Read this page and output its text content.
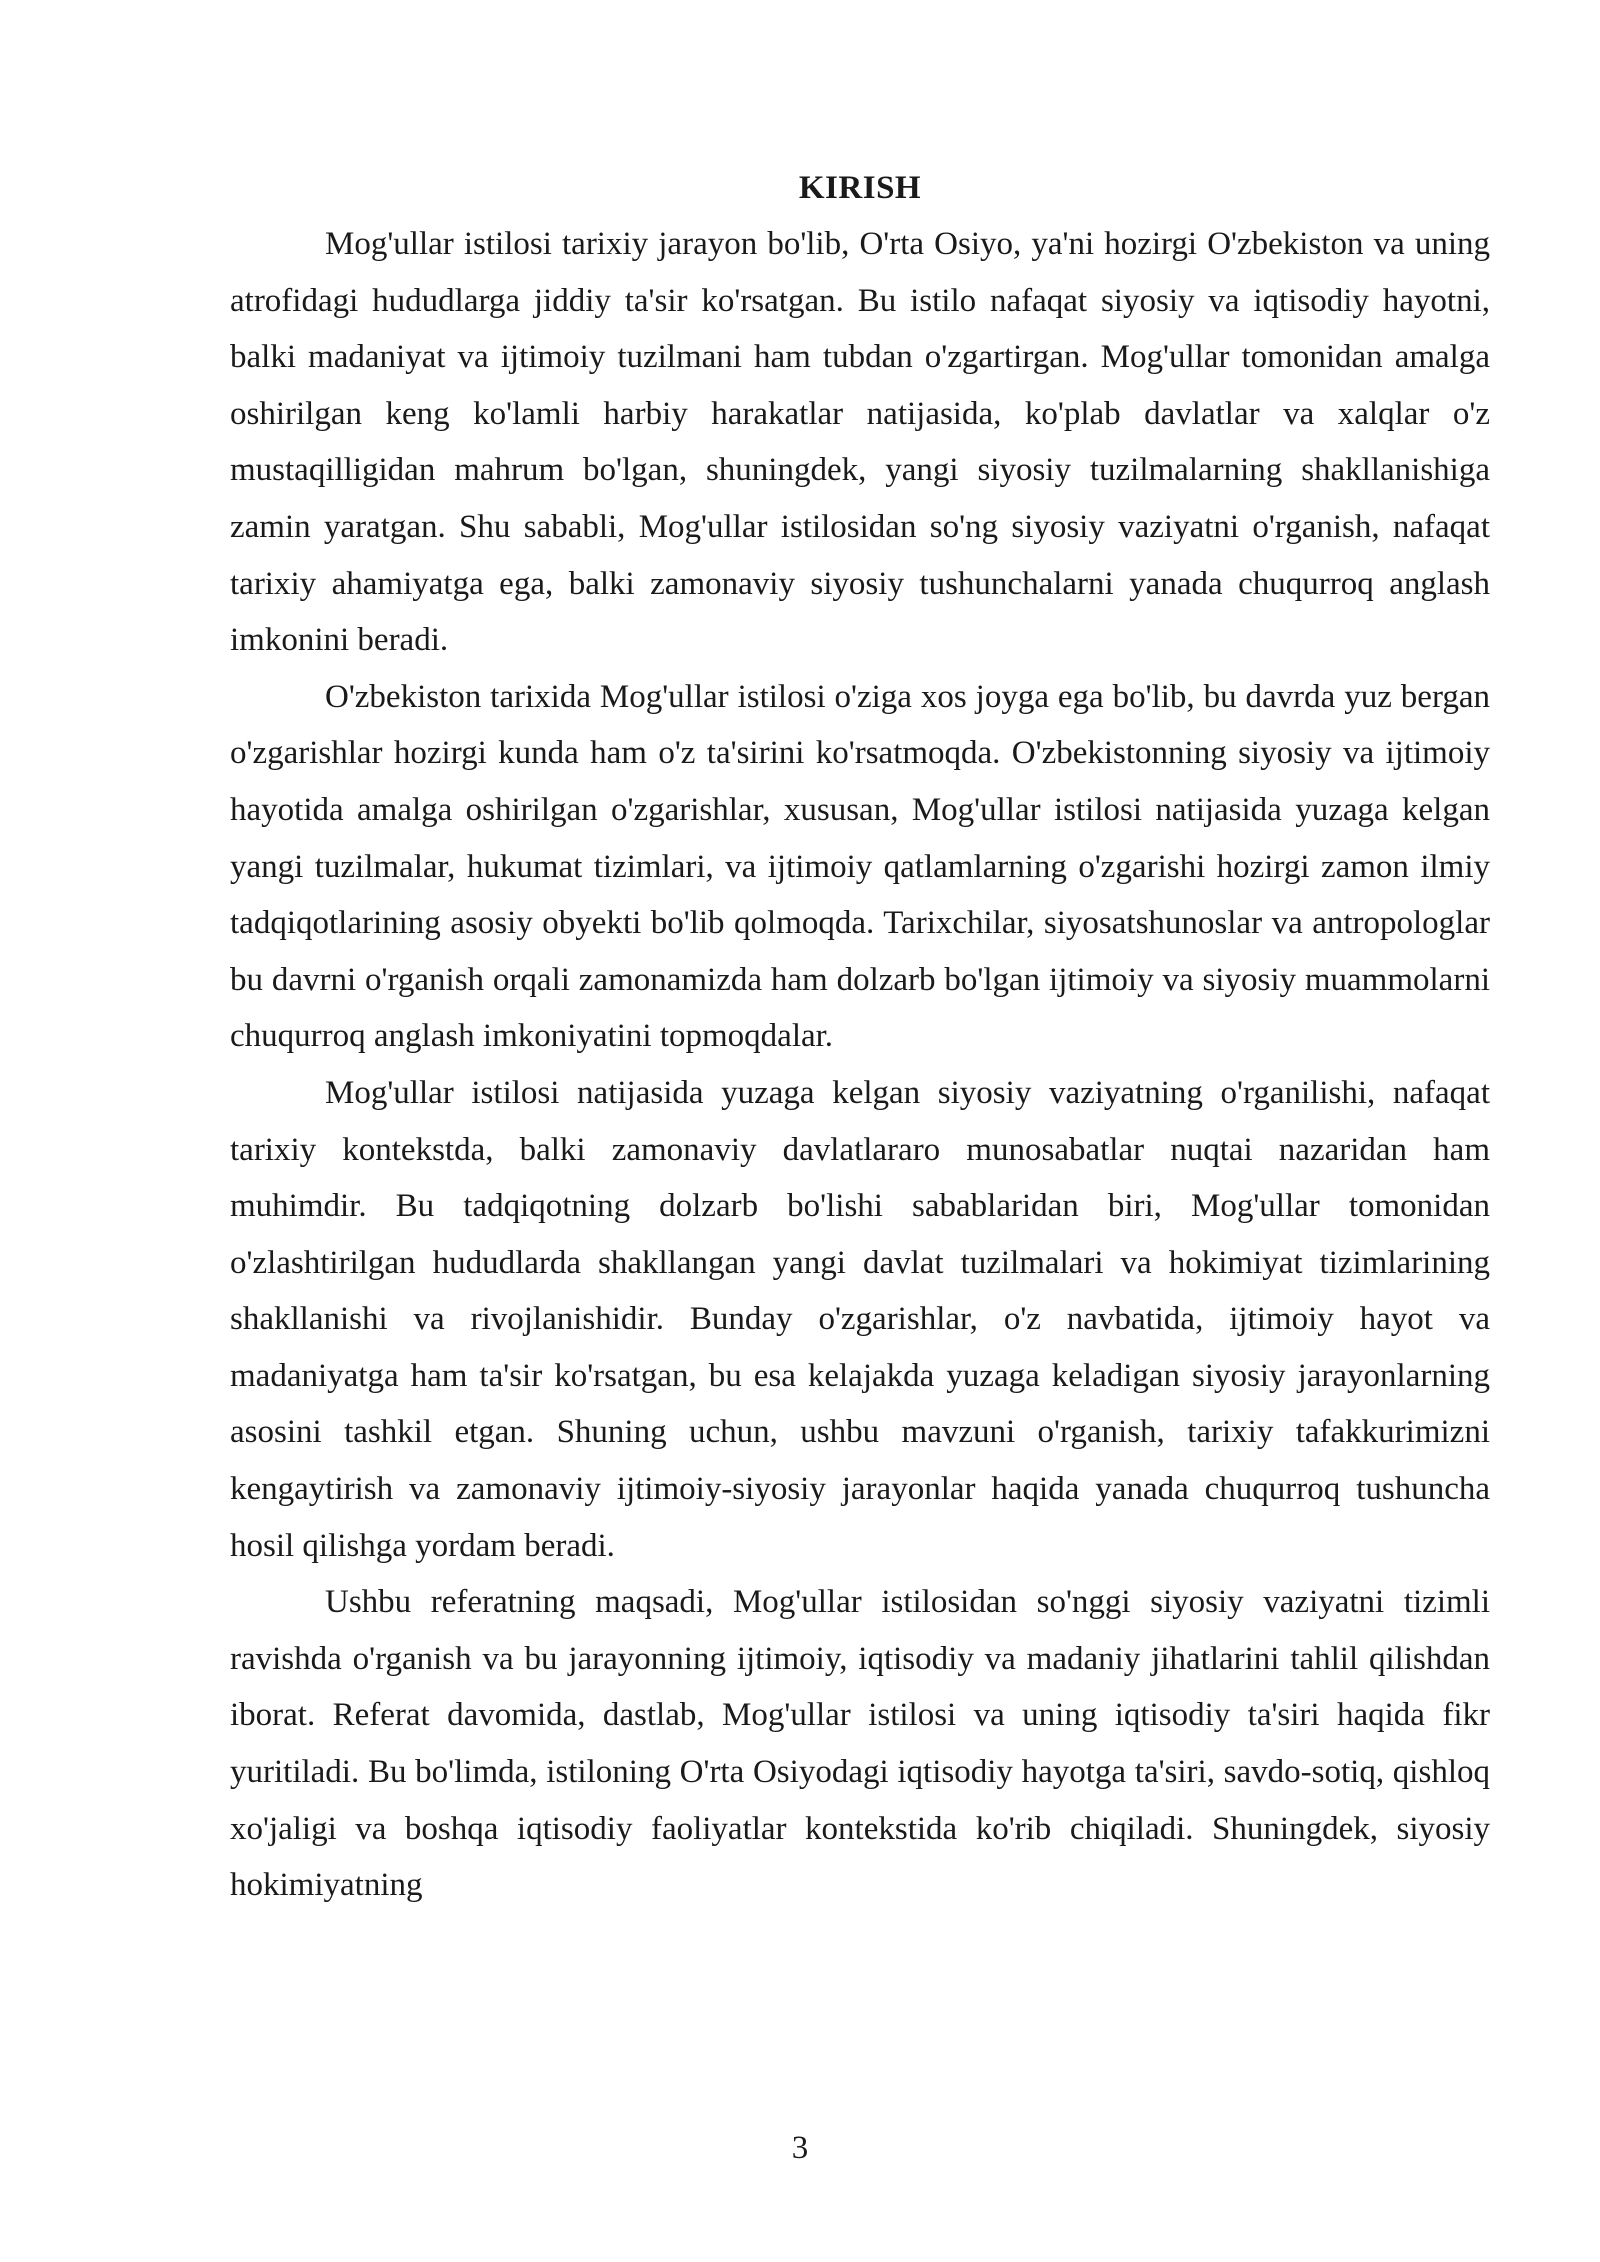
KIRISH

Mog'ullar istilosi tarixiy jarayon bo'lib, O'rta Osiyo, ya'ni hozirgi O'zbekiston va uning atrofidagi hududlarga jiddiy ta'sir ko'rsatgan. Bu istilo nafaqat siyosiy va iqtisodiy hayotni, balki madaniyat va ijtimoiy tuzilmani ham tubdan o'zgartirgan. Mog'ullar tomonidan amalga oshirilgan keng ko'lamli harbiy harakatlar natijasida, ko'plab davlatlar va xalqlar o'z mustaqilligidan mahrum bo'lgan, shuningdek, yangi siyosiy tuzilmalarning shakllanishiga zamin yaratgan. Shu sababli, Mog'ullar istilosidan so'ng siyosiy vaziyatni o'rganish, nafaqat tarixiy ahamiyatga ega, balki zamonaviy siyosiy tushunchalarni yanada chuqurroq anglash imkonini beradi.

O'zbekiston tarixida Mog'ullar istilosi o'ziga xos joyga ega bo'lib, bu davrda yuz bergan o'zgarishlar hozirgi kunda ham o'z ta'sirini ko'rsatmoqda. O'zbekistonning siyosiy va ijtimoiy hayotida amalga oshirilgan o'zgarishlar, xususan, Mog'ullar istilosi natijasida yuzaga kelgan yangi tuzilmalar, hukumat tizimlari, va ijtimoiy qatlamlarning o'zgarishi hozirgi zamon ilmiy tadqiqotlarining asosiy obyekti bo'lib qolmoqda. Tarixchilar, siyosatshunoslar va antropologlar bu davrni o'rganish orqali zamonamizda ham dolzarb bo'lgan ijtimoiy va siyosiy muammolarni chuqurroq anglash imkoniyatini topmoqdalar.

Mog'ullar istilosi natijasida yuzaga kelgan siyosiy vaziyatning o'rganilishi, nafaqat tarixiy kontekstda, balki zamonaviy davlatlararo munosabatlar nuqtai nazaridan ham muhimdir. Bu tadqiqotning dolzarb bo'lishi sabablaridan biri, Mog'ullar tomonidan o'zlashtirilgan hududlarda shakllangan yangi davlat tuzilmalari va hokimiyat tizimlarining shakllanishi va rivojlanishidir. Bunday o'zgarishlar, o'z navbatida, ijtimoiy hayot va madaniyatga ham ta'sir ko'rsatgan, bu esa kelajakda yuzaga keladigan siyosiy jarayonlarning asosini tashkil etgan. Shuning uchun, ushbu mavzuni o'rganish, tarixiy tafakkurimizni kengaytirish va zamonaviy ijtimoiy-siyosiy jarayonlar haqida yanada chuqurroq tushuncha hosil qilishga yordam beradi.

Ushbu referatning maqsadi, Mog'ullar istilosidan so'nggi siyosiy vaziyatni tizimli ravishda o'rganish va bu jarayonning ijtimoiy, iqtisodiy va madaniy jihatlarini tahlil qilishdan iborat. Referat davomida, dastlab, Mog'ullar istilosi va uning iqtisodiy ta'siri haqida fikr yuritiladi. Bu bo'limda, istiloning O'rta Osiyodagi iqtisodiy hayotga ta'siri, savdo-sotiq, qishloq xo'jaligi va boshqa iqtisodiy faoliyatlar kontekstida ko'rib chiqiladi. Shuningdek, siyosiy hokimiyatning

3
